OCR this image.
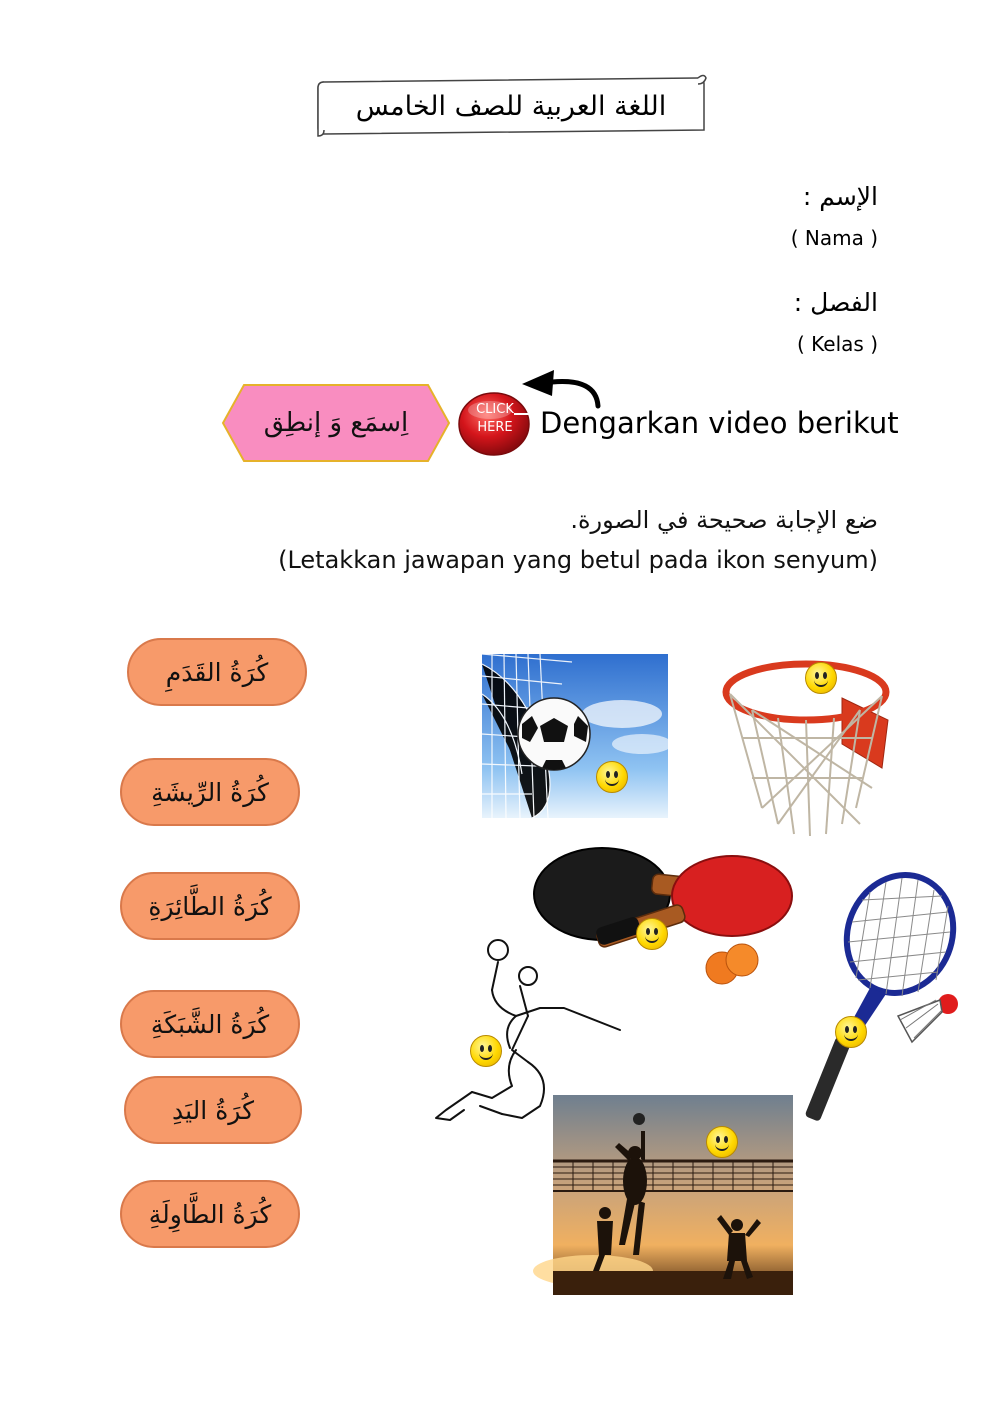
اللغة العربية للصف الخامس
الإسم :
( Nama )
الفصل :
( Kelas )
اِسمَع وَ إنطِق	CLICK
HERE Dengarkan video berikut
ضع الإجابة صحيحة في الصورة.
(Letakkan jawapan yang betul pada ikon senyum)
كُرَةُ القَدَمِ
كُرَةُ الرِّيشَةِ
كُرَةُ الطَّائِرَةِ
كُرَةُ الشَّبَكَةِ
كُرَةُ اليَدِ
كُرَةُ الطَّاوِلَةِ
